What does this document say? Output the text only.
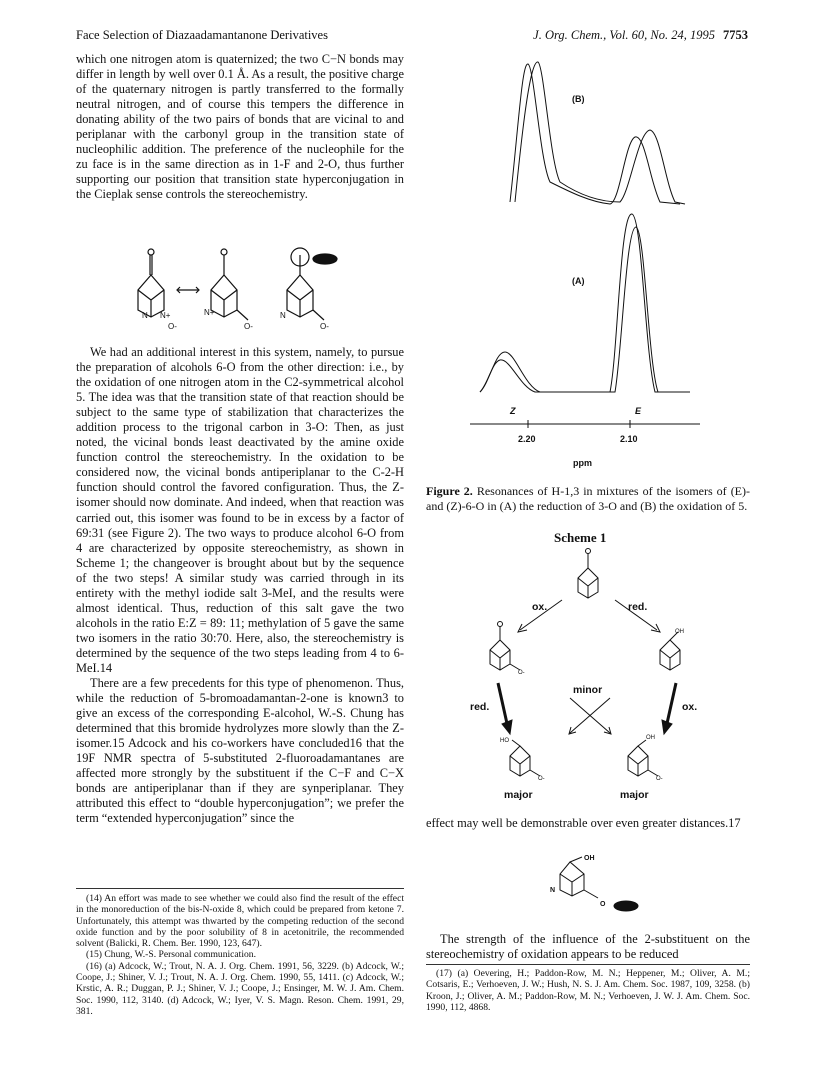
Face Selection of Diazaadamantanone Derivatives	J. Org. Chem., Vol. 60, No. 24, 1995 7753

which one nitrogen atom is quaternized; the two C−N bonds may differ in length by well over 0.1 Å. As a result, the positive charge of the quaternary nitrogen is partly transferred to the formally neutral nitrogen, and of course this tempers the difference in donating ability of the two pairs of bonds that are vicinal to and periplanar with the carbonyl group in the transition state of nucleophilic addition. The preference of the nucleophile for the zu face is in the same direction as in 1-F and 2-O, thus further supporting our position that transition state hyperconjugation in the Cieplak sense controls the stereochemistry.

N N+
O-
N+
O-
N
O-

We had an additional interest in this system, namely, to pursue the preparation of alcohols 6-O from the other direction: i.e., by the oxidation of one nitrogen atom in the C2-symmetrical alcohol 5. The idea was that the transition state of that reaction should be subject to the same type of stabilization that characterizes the addition process to the trigonal carbon in 3-O: Then, as just noted, the vicinal bonds least deactivated by the amine oxide function control the stereochemistry. In the oxidation to be considered now, the vicinal bonds antiperiplanar to the C-2-H function should control the favored configuration. Thus, the Z-isomer should now dominate. And indeed, when that reaction was carried out, this isomer was found to be in excess by a factor of 69:31 (see Figure 2). The two ways to produce alcohol 6-O from 4 are characterized by opposite stereochemistry, as shown in Scheme 1; the changeover is brought about but by the sequence of the two steps! A similar study was carried through in its entirety with the methyl iodide salt 3-MeI, and the results were almost identical. Thus, reduction of this salt gave the two alcohols in the ratio E:Z = 89: 11; methylation of 5 gave the same two isomers in the ratio 30:70. Here, also, the stereochemistry is determined by the sequence of the two steps leading from 4 to 6-MeI.14

There are a few precedents for this type of phenomenon. Thus, while the reduction of 5-bromoadamantan-2-one is known3 to give an excess of the corresponding E-alcohol, W.-S. Chung has determined that this bromide hydrolyzes more slowly than the Z-isomer.15 Adcock and his co-workers have concluded16 that the 19F NMR spectra of 5-substituted 2-fluoroadamantanes are affected more strongly by the substituent if the C−F and C−X bonds are antiperiplanar than if they are synperiplanar. They attributed this effect to “double hyperconjugation”; we prefer the term “extended hyperconjugation” since the

(14) An effort was made to see whether we could also find the result of the effect in the monoreduction of the bis-N-oxide 8, which could be prepared from ketone 7. Unfortunately, this attempt was thwarted by the competing reduction of the second oxide function and by the poor solubility of 8 in acetonitrile, the recommended solvent (Balicki, R. Chem. Ber. 1990, 123, 647).

(15) Chung, W.-S. Personal communication.

(16) (a) Adcock, W.; Trout, N. A. J. Org. Chem. 1991, 56, 3229. (b) Adcock, W.; Coope, J.; Shiner, V. J.; Trout, N. A. J. Org. Chem. 1990, 55, 1411. (c) Adcock, W.; Krstic, A. R.; Duggan, P. J.; Shiner, V. J.; Coope, J.; Ensinger, M. W. J. Am. Chem. Soc. 1990, 112, 3140. (d) Adcock, W.; Iyer, V. S. Magn. Reson. Chem. 1991, 29, 381.

(B)
(A)
Z	E
2.20	2.10
ppm
Figure 2. Resonances of H-1,3 in mixtures of the isomers of (E)- and (Z)-6-O in (A) the reduction of 3-O and (B) the oxidation of 5.
Scheme 1
ox.	red.
red.	ox.
minor
major	major
OH
HO	OH
O-
O-	O-

effect may well be demonstrable over even greater distances.17

OH
N
O

The strength of the influence of the 2-substituent on the stereochemistry of oxidation appears to be reduced

(17) (a) Oevering, H.; Paddon-Row, M. N.; Heppener, M.; Oliver, A. M.; Cotsaris, E.; Verhoeven, J. W.; Hush, N. S. J. Am. Chem. Soc. 1987, 109, 3258. (b) Kroon, J.; Oliver, A. M.; Paddon-Row, M. N.; Verhoeven, J. W. J. Am. Chem. Soc. 1990, 112, 4868.
